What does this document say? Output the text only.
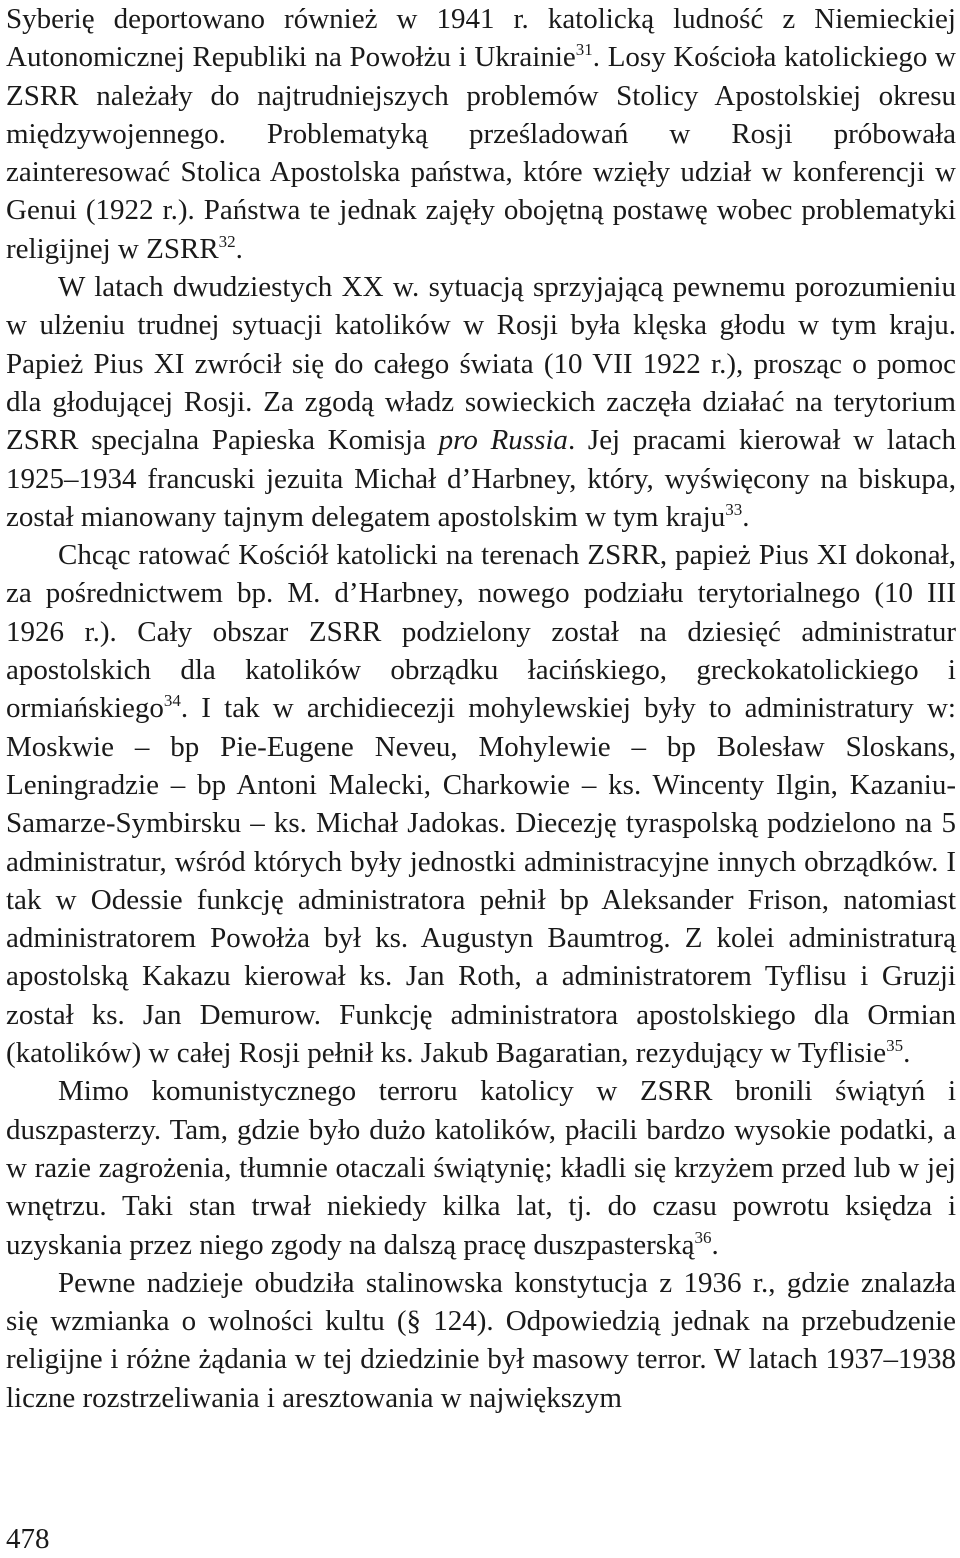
Syberię deportowano również w 1941 r. katolicką ludność z Niemieckiej Autonomicznej Republiki na Powołżu i Ukrainie$^{31}$. Losy Kościoła katolickiego w ZSRR należały do najtrudniejszych problemów Stolicy Apostolskiej okresu międzywojennego. Problematyką prześladowań w Rosji próbowała zainteresować Stolica Apostolska państwa, które wzięły udział w konferencji w Genui (1922 r.). Państwa te jednak zajęły obojętną postawę wobec problematyki religijnej w ZSRR$^{32}$.

W latach dwudziestych XX w. sytuacją sprzyjającą pewnemu porozumieniu w ulżeniu trudnej sytuacji katolików w Rosji była klęska głodu w tym kraju. Papież Pius XI zwrócił się do całego świata (10 VII 1922 r.), prosząc o pomoc dla głodującej Rosji. Za zgodą władz sowieckich zaczęła działać na terytorium ZSRR specjalna Papieska Komisja pro Russia. Jej pracami kierował w latach 1925–1934 francuski jezuita Michał d’Harbney, który, wyświęcony na biskupa, został mianowany tajnym delegatem apostolskim w tym kraju$^{33}$.

Chcąc ratować Kościół katolicki na terenach ZSRR, papież Pius XI dokonał, za pośrednictwem bp. M. d’Harbney, nowego podziału terytorialnego (10 III 1926 r.). Cały obszar ZSRR podzielony został na dziesięć administratur apostolskich dla katolików obrządku łacińskiego, greckokatolickiego i ormiańskiego$^{34}$. I tak w archidiecezji mohylewskiej były to administratury w: Moskwie – bp Pie-Eugene Neveu, Mohylewie – bp Bolesław Sloskans, Leningradzie – bp Antoni Malecki, Charkowie – ks. Wincenty Ilgin, Kazaniu-Samarze-Symbirsku – ks. Michał Jadokas. Diecezję tyraspolską podzielono na 5 administratur, wśród których były jednostki administracyjne innych obrządków. I tak w Odessie funkcję administratora pełnił bp Aleksander Frison, natomiast administratorem Powołża był ks. Augustyn Baumtrog. Z kolei administraturą apostolską Kakazu kierował ks. Jan Roth, a administratorem Tyflisu i Gruzji został ks. Jan Demurow. Funkcję administratora apostolskiego dla Ormian (katolików) w całej Rosji pełnił ks. Jakub Bagaratian, rezydujący w Tyflisie$^{35}$.

Mimo komunistycznego terroru katolicy w ZSRR bronili świątyń i duszpasterzy. Tam, gdzie było dużo katolików, płacili bardzo wysokie podatki, a w razie zagrożenia, tłumnie otaczali świątynię; kładli się krzyżem przed lub w jej wnętrzu. Taki stan trwał niekiedy kilka lat, tj. do czasu powrotu księdza i uzyskania przez niego zgody na dalszą pracę duszpasterską$^{36}$.

Pewne nadzieje obudziła stalinowska konstytucja z 1936 r., gdzie znalazła się wzmianka o wolności kultu (§ 124). Odpowiedzią jednak na przebudzenie religijne i różne żądania w tej dziedzinie był masowy terror. W latach 1937–1938 liczne rozstrzeliwania i aresztowania w największym

478
